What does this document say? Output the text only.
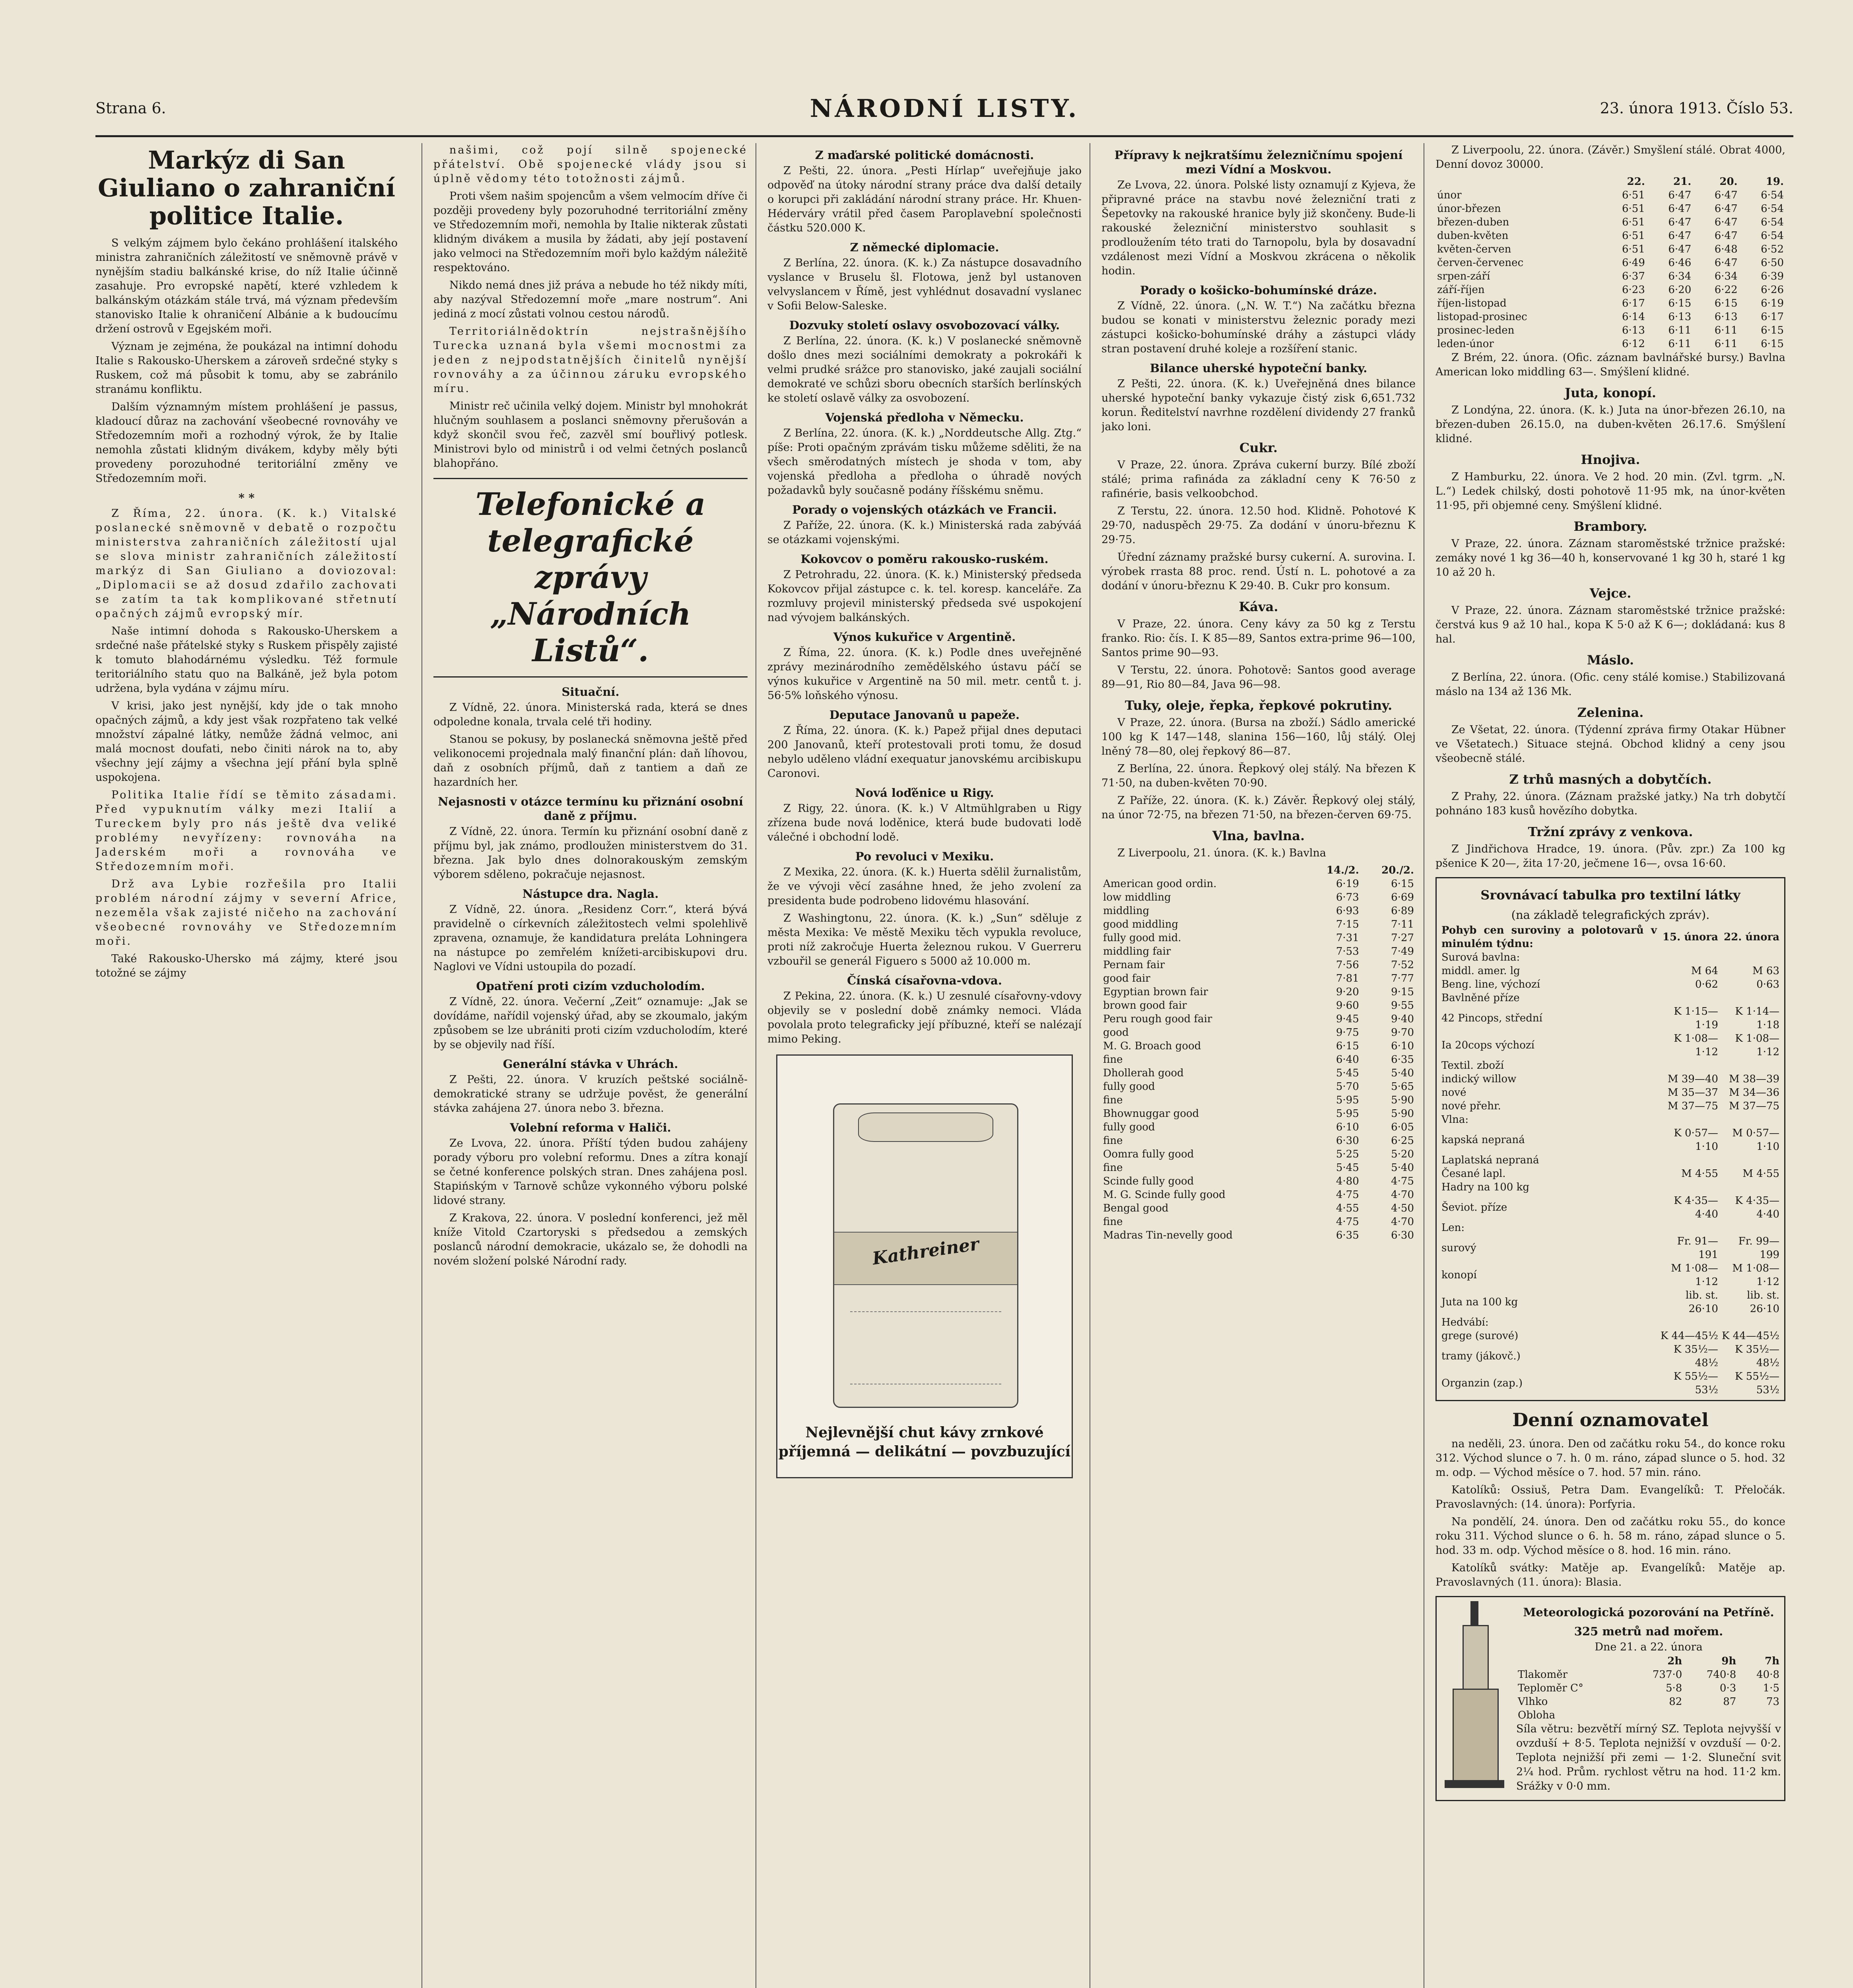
Strana 6.	NÁRODNÍ LISTY.	23. února 1913. Číslo 53.
Markýz di San Giuliano o zahraniční politice Italie.

S velkým zájmem bylo čekáno prohlášení italského ministra zahraničních záležitostí ve sněmovně právě v nynějším stadiu balkánské krise, do níž Italie účinně zasahuje. Pro evropské napětí, které vzhledem k balkánským otázkám stále trvá, má význam především stanovisko Italie k ohraničení Albánie a k budoucímu držení ostrovů v Egejském moři.

Význam je zejména, že poukázal na intimní dohodu Italie s Rakousko-Uherskem a zároveň srdečné styky s Ruskem, což má působit k tomu, aby se zabránilo stranámu konfliktu.

Dalším významným místem prohlášení je passus, kladoucí důraz na zachování všeobecné rovnováhy ve Středozemním moři a rozhodný výrok, že by Italie nemohla zůstati klidným divákem, kdyby měly býti provedeny porozuhodné teritoriální změny ve Středozemním moři.

* *

Z Říma, 22. února. (K. k.) Vitalské poslanecké sněmovně v debatě o rozpočtu ministerstva zahraničních záležitostí ujal se slova ministr zahraničních záležitostí markýz di San Giuliano a doviozoval: „Diplomacii se až dosud zdařilo zachovati se zatím ta tak komplikované střetnutí opačných zájmů evropský mír.

Naše intimní dohoda s Rakousko-Uherskem a srdečné naše přátelské styky s Ruskem přispěly zajisté k tomuto blahodárnému výsledku. Též formule teritoriálního statu quo na Balkáně, jež byla potom udržena, byla vydána v zájmu míru.

V krisi, jako jest nynější, kdy jde o tak mnoho opačných zájmů, a kdy jest však rozpřateno tak velké množství zápalné látky, nemůže žádná velmoc, ani malá mocnost doufati, nebo činiti nárok na to, aby všechny její zájmy a všechna její přání byla splně uspokojena.

Politika Italie řídí se těmito zásadami. Před vypuknutím války mezi Italií a Tureckem byly pro nás ještě dva veliké problémy nevyřízeny: rovnováha na Jaderském moři a rovnováha ve Středozemním moři.

Drž ava Lybie rozřešila pro Italii problém národní zájmy v severní Africe, nezeměla však zajisté ničeho na zachování všeobecné rovnováhy ve Středozemním moři.

Také Rakousko-Uhersko má zájmy, které jsou totožné se zájmy

našimi, což pojí silně spojenecké přátelství. Obě spojenecké vlády jsou si úplně vědomy této totožnosti zájmů.

Proti všem našim spojencům a všem velmocím dříve či později provedeny byly pozoruhodné territoriální změny ve Středozemním moři, nemohla by Italie nikterak zůstati klidným divákem a musila by žádati, aby její postavení jako velmoci na Středozemním moři bylo každým náležitě respektováno.

Nikdo nemá dnes již práva a nebude ho též nikdy míti, aby nazýval Středozemní moře „mare nostrum“. Ani jediná z mocí zůstati volnou cestou národů.

Territoriálnědoktrín nejstrašnějšího Turecka uznaná byla všemi mocnostmi za jeden z nejpodstatnějších činitelů nynější rovnováhy a za účinnou záruku evropského míru.

Ministr reč učinila velký dojem. Ministr byl mnohokrát hlučným souhlasem a poslanci sněmovny přerušován a když skončil svou řeč, zazvěl smí bouřlivý potlesk. Ministrovi bylo od ministrů i od velmi četných poslanců blahopřáno.

Telefonické a telegrafické zprávy „Národních Listů“.
Situační.

Z Vídně, 22. února. Ministerská rada, která se dnes odpoledne konala, trvala celé tři hodiny.

Stanou se pokusy, by poslanecká sněmovna ještě před velikonocemi projednala malý finanční plán: daň líhovou, daň z osobních příjmů, daň z tantiem a daň ze hazardních her.

Nejasnosti v otázce termínu ku přiznání osobní daně z příjmu.

Z Vídně, 22. února. Termín ku přiznání osobní daně z příjmu byl, jak známo, prodloužen ministerstvem do 31. března. Jak bylo dnes dolnorakouským zemským výborem sděleno, pokračuje nejasnost.

Nástupce dra. Nagla.

Z Vídně, 22. února. „Residenz Corr.“, která bývá pravidelně o církevních záležitostech velmi spolehlivě zpravena, oznamuje, že kandidatura preláta Lohningera na nástupce po zemřelém knížeti-arcibiskupovi dru. Naglovi ve Vídni ustoupila do pozadí.

Opatření proti cizím vzducholodím.

Z Vídně, 22. února. Večerní „Zeit“ oznamuje: „Jak se dovídáme, nařídil vojenský úřad, aby se zkoumalo, jakým způsobem se lze ubrániti proti cizím vzducholodím, které by se objevily nad říší.

Generální stávka v Uhrách.

Z Pešti, 22. února. V kruzích peštské sociálně-demokratické strany se udržuje pověst, že generální stávka zahájena 27. února nebo 3. března.

Volební reforma v Haliči.

Ze Lvova, 22. února. Příští týden budou zahájeny porady výboru pro volební reformu. Dnes a zítra konají se četné konference polských stran. Dnes zahájena posl. Stapińským v Tarnově schůze vykonného výboru polské lidové strany.

Z Krakova, 22. února. V poslední konferenci, jež měl kníže Vitold Czartoryski s předsedou a zemských poslanců národní demokracie, ukázalo se, že dohodli na novém složení polské Národní rady.

Z maďarské politické domácnosti.

Z Pešti, 22. února. „Pesti Hírlap“ uveřejňuje jako odpověď na útoky národní strany práce dva další detaily o korupci při zakládání národní strany práce. Hr. Khuen-Héderváry vrátil před časem Paroplavební společnosti částku 520.000 K.

Z německé diplomacie.

Z Berlína, 22. února. (K. k.) Za nástupce dosavadního vyslance v Bruselu šl. Flotowa, jenž byl ustanoven velvyslancem v Římě, jest vyhlédnut dosavadní vyslanec v Sofii Below-Saleske.

Dozvuky století oslavy osvobozovací války.

Z Berlína, 22. února. (K. k.) V poslanecké sněmovně došlo dnes mezi sociálními demokraty a pokrokáři k velmi prudké srážce pro stanovisko, jaké zaujali sociální demokraté ve schůzi sboru obecních starších berlínských ke století oslavě války za osvobození.

Vojenská předloha v Německu.

Z Berlína, 22. února. (K. k.) „Norddeutsche Allg. Ztg.“ píše: Proti opačným zprávám tisku můžeme sděliti, že na všech směrodatných místech je shoda v tom, aby vojenská předloha a předloha o úhradě nových požadavků byly současně podány říšskému sněmu.

Porady o vojenských otázkách ve Francii.

Z Paříže, 22. února. (K. k.) Ministerská rada zabýváá se otázkami vojenskými.

Kokovcov o poměru rakousko-ruském.

Z Petrohradu, 22. února. (K. k.) Ministerský předseda Kokovcov přijal zástupce c. k. tel. koresp. kanceláře. Za rozmluvy projevil ministerský předseda své uspokojení nad vývojem balkánských.

Výnos kukuřice v Argentině.

Z Říma, 22. února. (K. k.) Podle dnes uveřejněné zprávy mezinárodního zemědělského ústavu páčí se výnos kukuřice v Argentině na 50 mil. metr. centů t. j. 56·5% loňského výnosu.

Deputace Janovanů u papeže.

Z Říma, 22. února. (K. k.) Papež přijal dnes deputaci 200 Janovanů, kteří protestovali proti tomu, že dosud nebylo udělenо vládní exequatur janovskému arcibiskupu Caronovi.

Nová loďěnice u Rigy.

Z Rigy, 22. února. (K. k.) V Altmühlgraben u Rigy zřízena bude nová loděnice, která bude budovati lodě válečné i obchodní lodě.

Po revoluci v Mexiku.

Z Mexika, 22. února. (K. k.) Huerta sdělil žurnalistům, že ve vývoji věcí zasáhne hned, že jeho zvolení za presidenta bude podrobeno lidovému hlasování.

Z Washingtonu, 22. února. (K. k.) „Sun“ sděluje z města Mexika: Ve městě Mexiku těch vypukla revoluce, proti níž zakročuje Huerta železnou rukou. V Guerreru vzbouřil se generál Figuero s 5000 až 10.000 m.

Čínská císařovna-vdova.

Z Pekina, 22. února. (K. k.) U zesnulé císařovny-vdovy objevily se v poslední době známky nemoci. Vláda povolala proto telegraficky její příbuzné, kteří se nalézají mimo Peking.

Kathreiner
Nejlevnější chut kávy zrnkové příjemná — delikátní — povzbuzující
Přípravy k nejkratšímu železničnímu spojení mezi Vídní a Moskvou.

Ze Lvova, 22. února. Polské listy oznamují z Kyjeva, že připravné práce na stavbu nové železniční trati z Šepetovky na rakouské hranice byly již skončeny. Bude-li rakouské železniční ministerstvo souhlasit s prodloužením této trati do Tarnopolu, byla by dosavadní vzdálenost mezi Vídní a Moskvou zkrácena o několik hodin.

Porady o košicko-bohumínské dráze.

Z Vídně, 22. února. („N. W. T.“) Na začátku března budou se konati v ministerstvu železnic porady mezi zástupci košicko-bohumínské dráhy a zástupci vlády stran postavení druhé koleje a rozšíření stanic.

Bilance uherské hypoteční banky.

Z Pešti, 22. února. (K. k.) Uveřejněná dnes bilance uherské hypoteční banky vykazuje čistý zisk 6,651.732 korun. Ředitelství navrhne rozdělení dividendy 27 franků jako loni.

Cukr.

V Praze, 22. února. Zpráva cukerní burzy. Bílé zboží stálé; prima rafináda za základní ceny K 76·50 z rafinérie, basis velkoobchod.

Z Terstu, 22. února. 12.50 hod. Klidně. Pohotové K 29·70, naduspěch 29·75. Za dodání v únoru-březnu K 29·75.

Úřední záznamy pražské bursy cukerní. A. surovina. I. výrobek rrasta 88 proc. rend. Ústí n. L. pohotové a za dodání v únoru-březnu K 29·40. B. Cukr pro konsum.

Káva.

V Praze, 22. února. Ceny kávy za 50 kg z Terstu franko. Rio: čís. I. K 85—89, Santos extra-prime 96—100, Santos prime 90—93.

V Terstu, 22. února. Pohotově: Santos good average 89—91, Rio 80—84, Java 96—98.

Tuky, oleje, řepka, řepkové pokrutiny.

V Praze, 22. února. (Bursa na zboží.) Sádlo americké 100 kg K 147—148, slanina 156—160, lůj stálý. Olej lněný 78—80, olej řepkový 86—87.

Z Berlína, 22. února. Řepkový olej stálý. Na březen K 71·50, na duben-květen 70·90.

Z Paříže, 22. února. (K. k.) Závěr. Řepkový olej stálý, na únor 72·75, na březen 71·50, na březen-červen 69·75.

Vlna, bavlna.

Z Liverpoolu, 21. února. (K. k.) Bavlna

	14./2.	20./2.
American good ordin.	6·19	6·15
low middling	6·73	6·69
middling	6·93	6·89
good middling	7·15	7·11
fully good mid.	7·31	7·27
middling fair	7·53	7·49
Pernam fair	7·56	7·52
good fair	7·81	7·77
Egyptian brown fair	9·20	9·15
brown good fair	9·60	9·55
Peru rough good fair	9·45	9·40
good	9·75	9·70
M. G. Broach good	6·15	6·10
fine	6·40	6·35
Dhollerah good	5·45	5·40
fully good	5·70	5·65
fine	5·95	5·90
Bhownuggar good	5·95	5·90
fully good	6·10	6·05
fine	6·30	6·25
Oomra fully good	5·25	5·20
fine	5·45	5·40
Scinde fully good	4·80	4·75
M. G. Scinde fully good	4·75	4·70
Bengal good	4·55	4·50
fine	4·75	4·70
Madras Tin-nevelly good	6·35	6·30

Z Liverpoolu, 22. února. (Závěr.) Smyšlení stálé. Obrat 4000, Denní dovoz 30000.

	22.	21.	20.	19.
únor	6·51	6·47	6·47	6·54
únor-březen	6·51	6·47	6·47	6·54
březen-duben	6·51	6·47	6·47	6·54
duben-květen	6·51	6·47	6·47	6·54
květen-červen	6·51	6·47	6·48	6·52
červen-červenec	6·49	6·46	6·47	6·50
srpen-září	6·37	6·34	6·34	6·39
září-říjen	6·23	6·20	6·22	6·26
říjen-listopad	6·17	6·15	6·15	6·19
listopad-prosinec	6·14	6·13	6·13	6·17
prosinec-leden	6·13	6·11	6·11	6·15
leden-únor	6·12	6·11	6·11	6·15

Z Brém, 22. února. (Ofic. záznam bavlnářské bursy.) Bavlna American loko middling 63—. Smýšlení klidné.

Juta, konopí.

Z Londýna, 22. února. (K. k.) Juta na únor-březen 26.10, na březen-duben 26.15.0, na duben-květen 26.17.6. Smýšlení klidné.

Hnojiva.

Z Hamburku, 22. února. Ve 2 hod. 20 min. (Zvl. tgrm. „N. L.“) Ledek chilský, dosti pohotově 11·95 mk, na únor-květen 11·95, při objemné ceny. Smýšlení klidné.

Brambory.

V Praze, 22. února. Záznam staroměstské tržnice pražské: zemáky nové 1 kg 36—40 h, konservované 1 kg 30 h, staré 1 kg 10 až 20 h.

Vejce.

V Praze, 22. února. Záznam staroměstské tržnice pražské: čerstvá kus 9 až 10 hal., kopa K 5·0 až K 6—; dokládaná: kus 8 hal.

Máslo.

Z Berlína, 22. února. (Ofic. ceny stálé komise.) Stabilizovaná máslo na 134 až 136 Mk.

Zelenina.

Ze Všetat, 22. února. (Týdenní zpráva firmy Otakar Hübner ve Všetatech.) Situace stejná. Obchod klidný a ceny jsou všeobecně stálé.

Z trhů masných a dobytčích.

Z Prahy, 22. února. (Záznam pražské jatky.) Na trh dobytčí pohnáno 183 kusů hovězího dobytka.

Tržní zprávy z venkova.

Z Jindřichova Hradce, 19. února. (Pův. zpr.) Za 100 kg pšenice K 20—, žita 17·20, ječmene 16—, ovsa 16·60.

Srovnávací tabulka pro textilní látky
(na základě telegrafických zpráv).
Pohyb cen suroviny a polotovarů v minulém týdnu:	15. února	22. února
Surová bavlna:		
middl. amer. lg	M 64	M 63
Beng. line, výchozí	0·62	0·63
Bavlněné příze		
42 Pincops, střední	K 1·15—1·19	K 1·14—1·18
Ia 20cops výchozí	K 1·08—1·12	K 1·08—1·12
Textil. zboží		
indický willow	M 39—40	M 38—39
nové	M 35—37	M 34—36
nové přehr.	M 37—75	M 37—75
Vlna:		
kapská nepraná	K 0·57—1·10	M 0·57—1·10
Laplatská nepraná		
Česané lapl.	M 4·55	M 4·55
Hadry na 100 kg		
Ševiot. příze	K 4·35—4·40	K 4·35—4·40
Len:		
surový	Fr. 91—191	Fr. 99—199
konopí	M 1·08—1·12	M 1·08—1·12
Juta na 100 kg	lib. st. 26·10	lib. st. 26·10
Hedvábí:		
grege (surové)	K 44—45½	K 44—45½
tramy (jákovč.)	K 35½—48½	K 35½—48½
Organzin (zap.)	K 55½—53½	K 55½—53½
Denní oznamovatel

na neděli, 23. února. Den od začátku roku 54., do konce roku 312. Východ slunce o 7. h. 0 m. ráno, západ slunce o 5. hod. 32 m. odp. — Východ měsíce o 7. hod. 57 min. ráno.

Katolíků: Ossiuš, Petra Dam. Evangelíků: T. Přeločák. Pravoslavných: (14. února): Porfyria.

Na pondělí, 24. února. Den od začátku roku 55., do konce roku 311. Východ slunce o 6. h. 58 m. ráno, západ slunce o 5. hod. 33 m. odp. Východ měsíce o 8. hod. 16 min. ráno.

Katolíků svátky: Matěje ap. Evangelíků: Matěje ap. Pravoslavných (11. února): Blasia.

Meteorologická pozorování na Petříně.
325 metrů nad mořem.
Dne 21. a 22. února
	2h	9h	7h
Tlakoměr	737·0	740·8	40·8
Teploměr C°	5·8	0·3	1·5
Vlhko	82	87	73
Oblohа			

Síla větru: bezvětří mírný SZ. Teplota nejvyšší v ovzduší + 8·5. Teplota nejnižší v ovzduší — 0·2. Teplota nejnižší při zemi — 1·2. Sluneční svit 2¼ hod. Prům. rychlost větru na hod. 11·2 km. Srážky v 0·0 mm.
